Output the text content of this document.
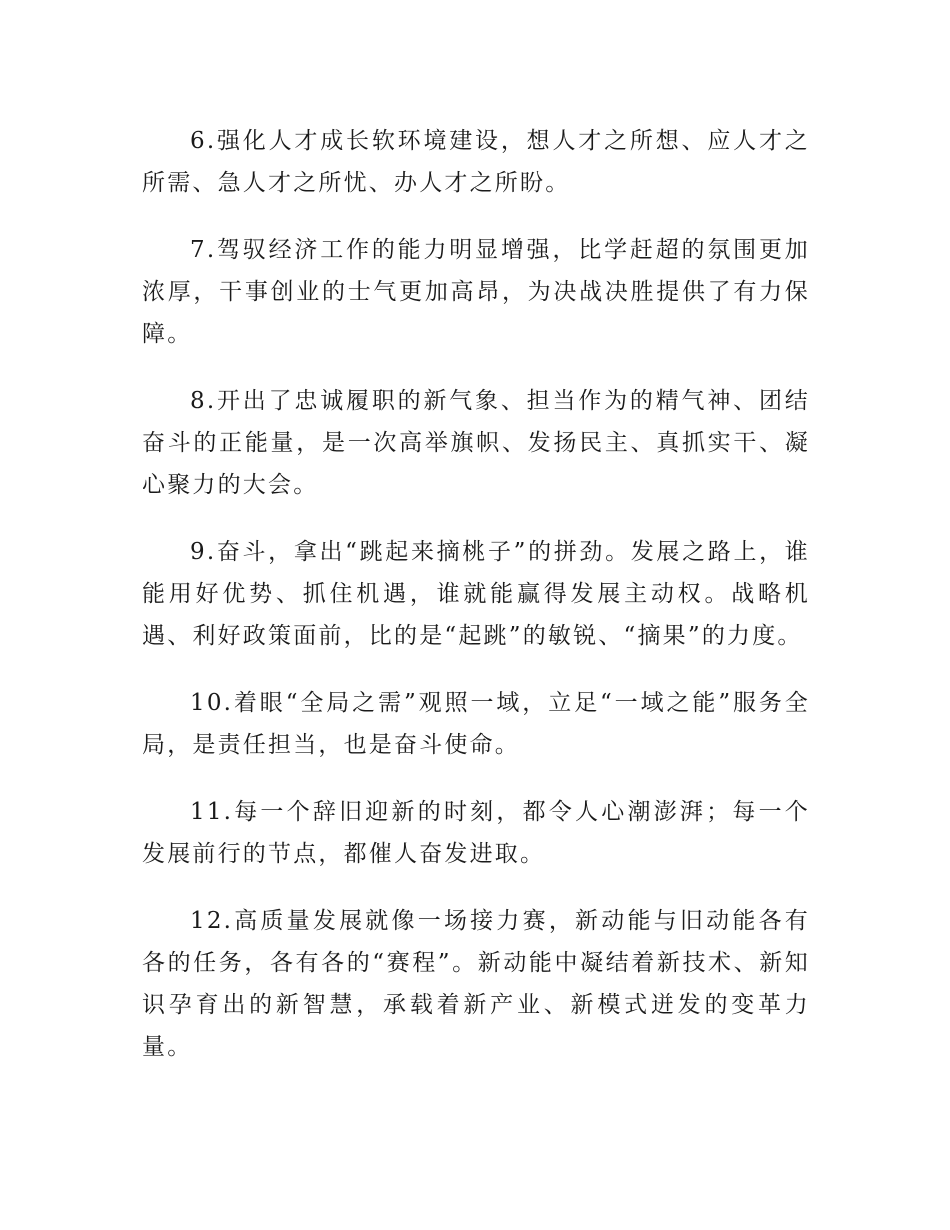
6.强化人才成长软环境建设，想人才之所想、应人才之所需、急人才之所忧、办人才之所盼。

7.驾驭经济工作的能力明显增强，比学赶超的氛围更加浓厚，干事创业的士气更加高昂，为决战决胜提供了有力保障。

8.开出了忠诚履职的新气象、担当作为的精气神、团结奋斗的正能量，是一次高举旗帜、发扬民主、真抓实干、凝心聚力的大会。

9.奋斗，拿出“跳起来摘桃子”的拼劲。发展之路上，谁能用好优势、抓住机遇，谁就能赢得发展主动权。战略机遇、利好政策面前，比的是“起跳”的敏锐、“摘果”的力度。

10.着眼“全局之需”观照一域，立足“一域之能”服务全局，是责任担当，也是奋斗使命。

11.每一个辞旧迎新的时刻，都令人心潮澎湃；每一个发展前行的节点，都催人奋发进取。

12.高质量发展就像一场接力赛，新动能与旧动能各有各的任务，各有各的“赛程”。新动能中凝结着新技术、新知识孕育出的新智慧，承载着新产业、新模式迸发的变革力量。
